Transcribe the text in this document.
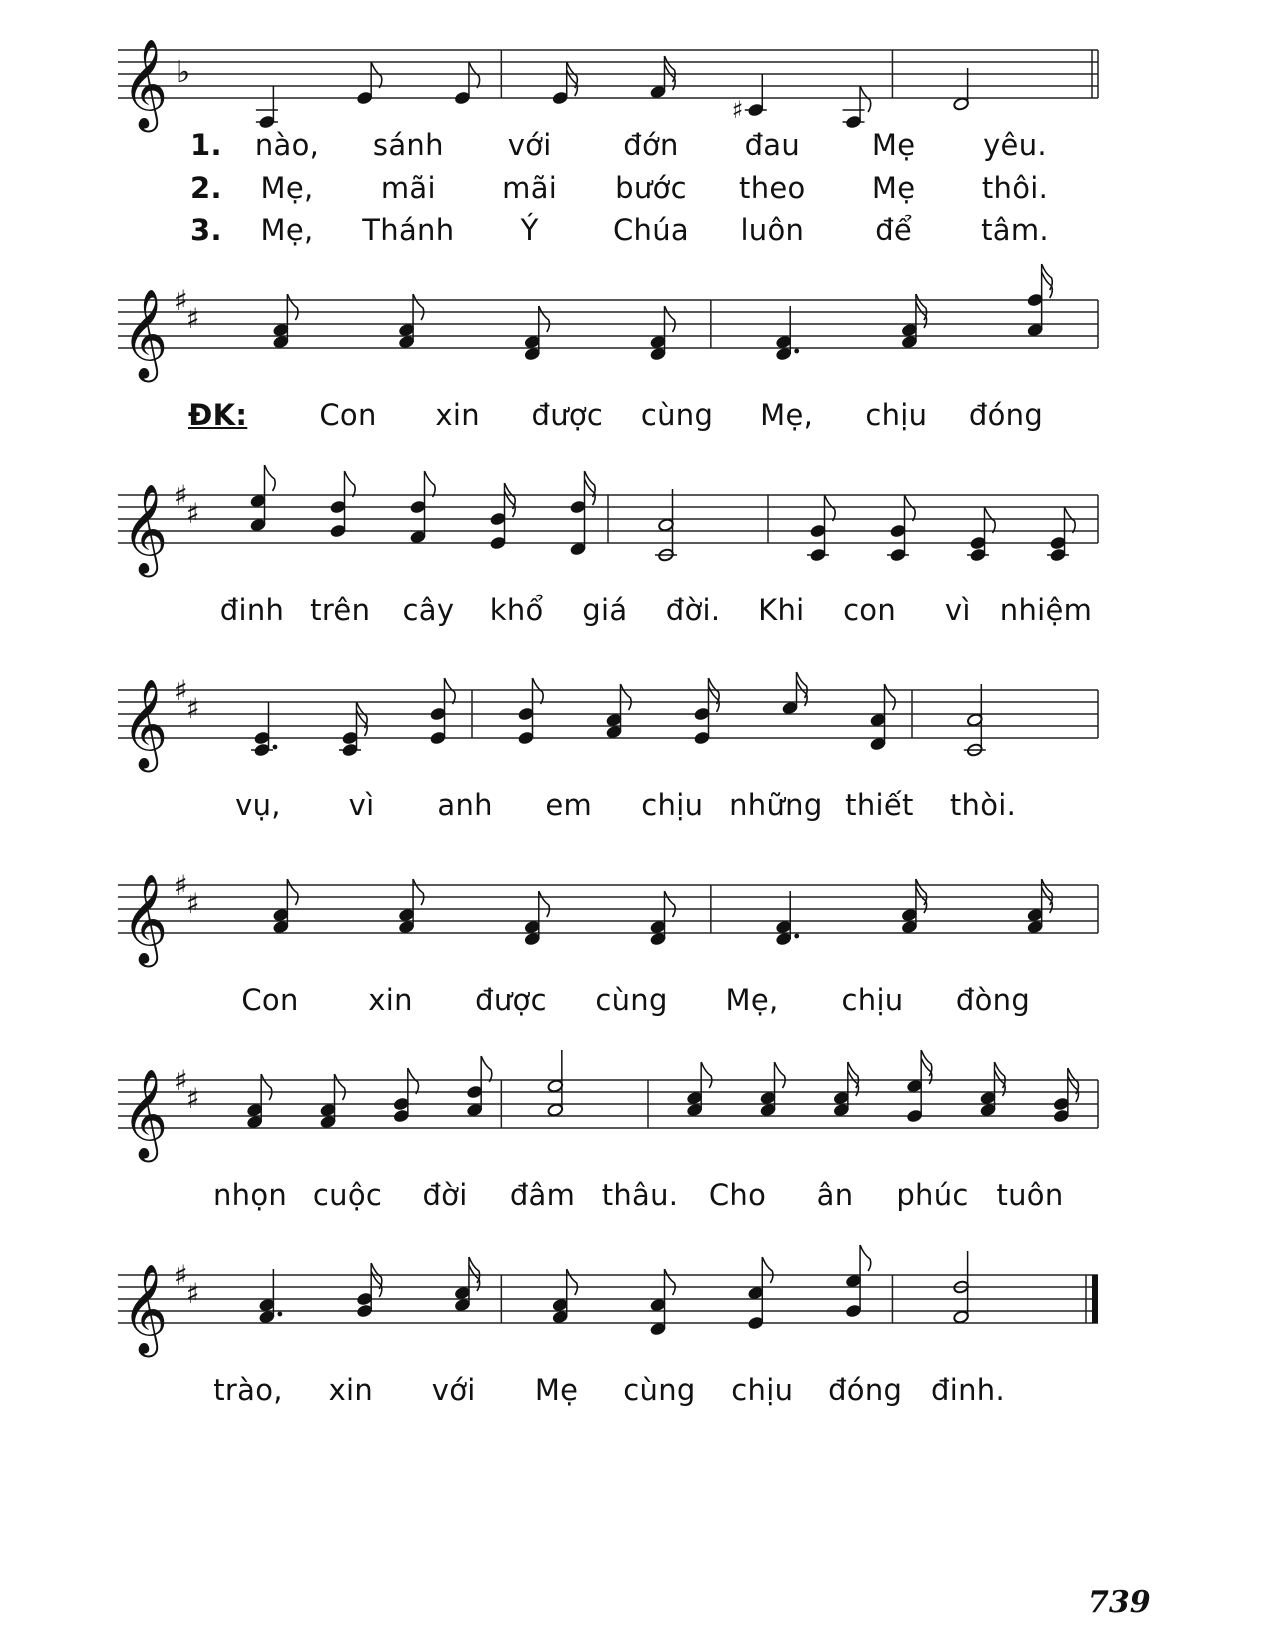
𝄞 ♭
♯
𝄞 ♯
♯
𝄞 ♯
♯
𝄞 ♯
♯
𝄞 ♯
♯
𝄞 ♯
♯
𝄞 ♯
♯
1.
2.
3.
nào, sánh với đớn đau Mẹ yêu.
Mẹ, mãi mãi bước theo Mẹ thôi.
Mẹ, Thánh Ý	Chúa luôn để tâm.
ĐK: Con xin được cùng Mẹ, chịu đóng
đinh trên cây khổ giá đời. Khi con vì nhiệm
vụ, vì anh em chịu những thiết thòi.
Con xin được cùng Mẹ, chịu đòng
nhọn cuộc đời đâm thâu. Cho ân phúc tuôn
trào, xin với Mẹ cùng chịu đóng đinh.
739
